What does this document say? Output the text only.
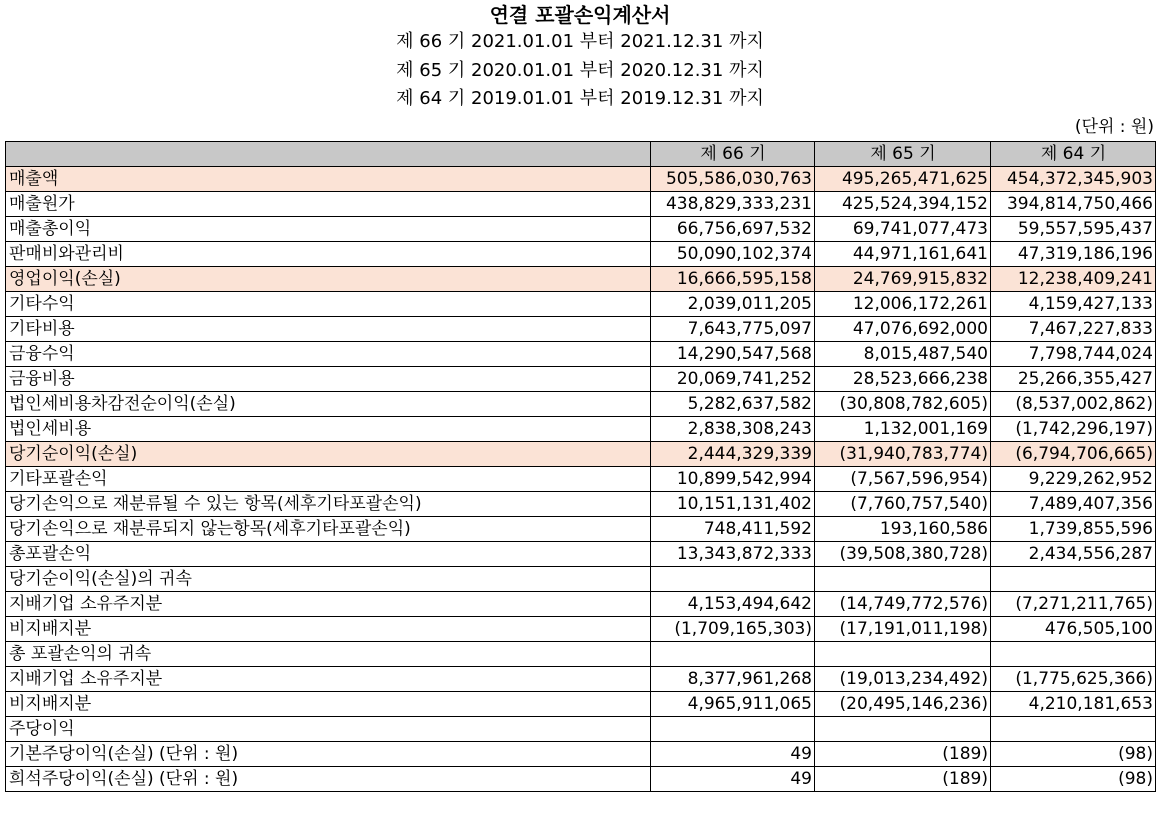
연결 포괄손익계산서
제 66 기 2021.01.01 부터 2021.12.31 까지
제 65 기 2020.01.01 부터 2020.12.31 까지
제 64 기 2019.01.01 부터 2019.12.31 까지
(단위 : 원)
	제 66 기	제 65 기	제 64 기
매출액	505,586,030,763	495,265,471,625	454,372,345,903
매출원가	438,829,333,231	425,524,394,152	394,814,750,466
매출총이익	66,756,697,532	69,741,077,473	59,557,595,437
판매비와관리비	50,090,102,374	44,971,161,641	47,319,186,196
영업이익(손실)	16,666,595,158	24,769,915,832	12,238,409,241
기타수익	2,039,011,205	12,006,172,261	4,159,427,133
기타비용	7,643,775,097	47,076,692,000	7,467,227,833
금융수익	14,290,547,568	8,015,487,540	7,798,744,024
금융비용	20,069,741,252	28,523,666,238	25,266,355,427
법인세비용차감전순이익(손실)	5,282,637,582	(30,808,782,605)	(8,537,002,862)
법인세비용	2,838,308,243	1,132,001,169	(1,742,296,197)
당기순이익(손실)	2,444,329,339	(31,940,783,774)	(6,794,706,665)
기타포괄손익	10,899,542,994	(7,567,596,954)	9,229,262,952
당기손익으로 재분류될 수 있는 항목(세후기타포괄손익)	10,151,131,402	(7,760,757,540)	7,489,407,356
당기손익으로 재분류되지 않는항목(세후기타포괄손익)	748,411,592	193,160,586	1,739,855,596
총포괄손익	13,343,872,333	(39,508,380,728)	2,434,556,287
당기순이익(손실)의 귀속			
지배기업 소유주지분	4,153,494,642	(14,749,772,576)	(7,271,211,765)
비지배지분	(1,709,165,303)	(17,191,011,198)	476,505,100
총 포괄손익의 귀속			
지배기업 소유주지분	8,377,961,268	(19,013,234,492)	(1,775,625,366)
비지배지분	4,965,911,065	(20,495,146,236)	4,210,181,653
주당이익			
기본주당이익(손실) (단위 : 원)	49	(189)	(98)
희석주당이익(손실) (단위 : 원)	49	(189)	(98)
